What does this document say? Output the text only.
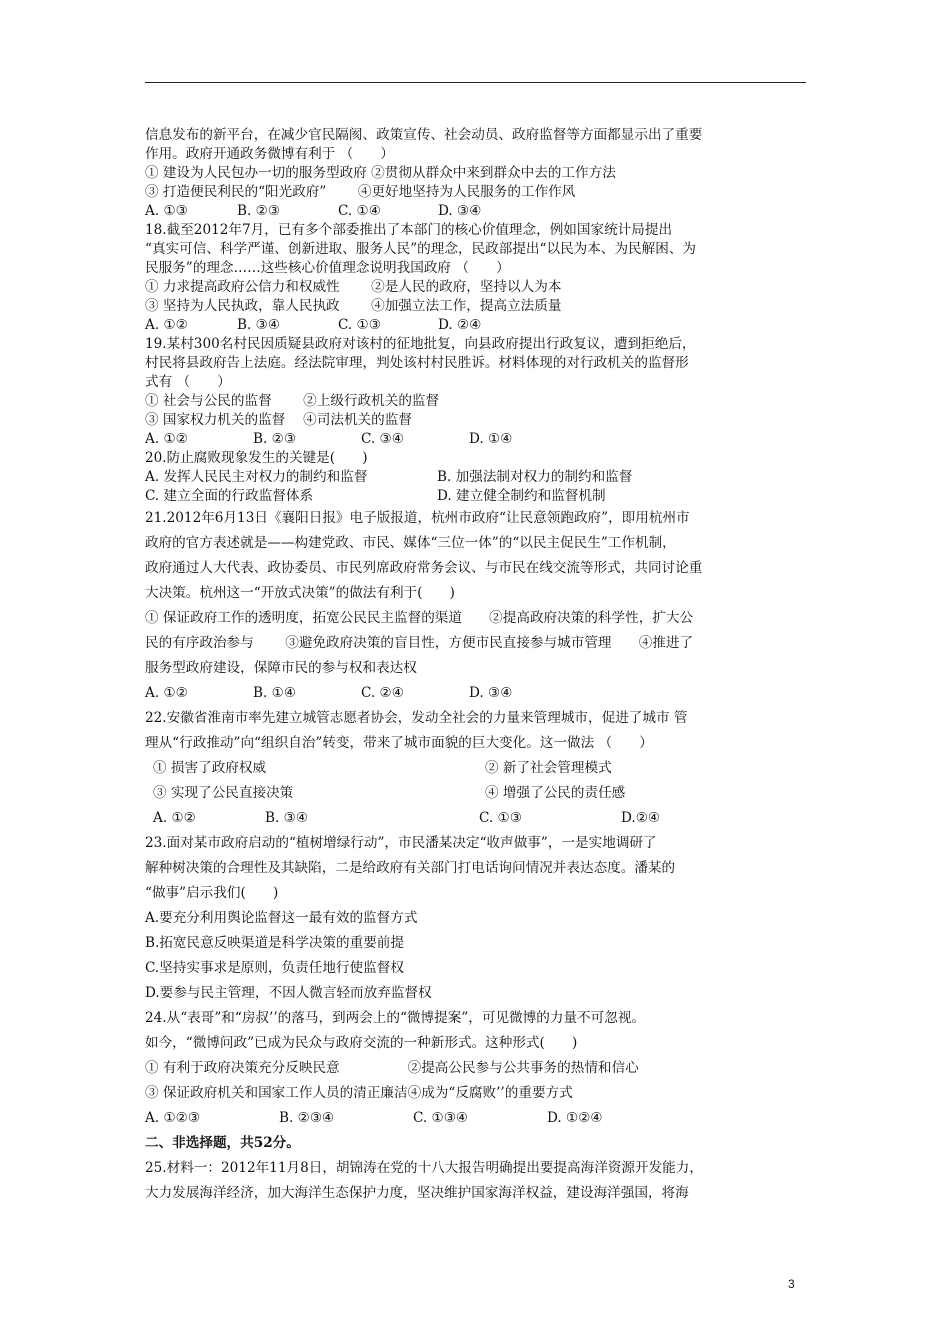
信息发布的新平台，在减少官民隔阂、政策宣传、社会动员、政府监督等方面都显示出了重要
作用。政府开通政务微博有利于 （　　）
① 建设为人民包办一切的服务型政府 ②贯彻从群众中来到群众中去的工作方法
③ 打造便民利民的“阳光政府”　　 ④更好地坚持为人民服务的工作作风
A. ①③	B. ②③	C. ①④	D. ③④
18.截至2012年7月，已有多个部委推出了本部门的核心价值理念，例如国家统计局提出
“真实可信、科学严谨、创新进取、服务人民”的理念，民政部提出“以民为本、为民解困、为
民服务”的理念……这些核心价值理念说明我国政府 （　　）
① 力求提高政府公信力和权威性　　 ②是人民的政府，坚持以人为本
③ 坚持为人民执政，靠人民执政　　 ④加强立法工作，提高立法质量
A. ①②	B. ③④	C. ①③	D. ②④
19.某村300名村民因质疑县政府对该村的征地批复，向县政府提出行政复议，遭到拒绝后，
村民将县政府告上法庭。经法院审理，判处该村村民胜诉。材料体现的对行政机关的监督形
式有 （　　）
① 社会与公民的监督　　 ②上级行政机关的监督
③ 国家权力机关的监督　 ④司法机关的监督
A. ①②	B. ②③	C. ③④	D. ①④
20.防止腐败现象发生的关键是(　　)
A. 发挥人民民主对权力的制约和监督	B. 加强法制对权力的制约和监督
C. 建立全面的行政监督体系	D. 建立健全制约和监督机制
21.2012年6月13日《襄阳日报》电子版报道，杭州市政府“让民意领跑政府”，即用杭州市
政府的官方表述就是——构建党政、市民、媒体“三位一体”的“以民主促民生”工作机制，
政府通过人大代表、政协委员、市民列席政府常务会议、与市民在线交流等形式，共同讨论重
大决策。杭州这一“开放式决策”的做法有利于(　　)
① 保证政府工作的透明度，拓宽公民民主监督的渠道　　②提高政府决策的科学性，扩大公
民的有序政治参与　　 ③避免政府决策的盲目性，方便市民直接参与城市管理　　④推进了
服务型政府建设，保障市民的参与权和表达权
A. ①②	B. ①④	C. ②④	D. ③④
22.安徽省淮南市率先建立城管志愿者协会，发动全社会的力量来管理城市，促进了城市 管
理从“行政推动”向“组织自治”转变，带来了城市面貌的巨大变化。这一做法 （　　）
① 损害了政府权威	② 新了社会管理模式
③ 实现了公民直接决策	④ 增强了公民的责任感
A. ①②	B. ③④	C. ①③	D.②④
23.面对某市政府启动的“植树增绿行动”，市民潘某决定“收声做事”，一是实地调研了
解种树决策的合理性及其缺陷，二是给政府有关部门打电话询问情况并表达态度。潘某的
“做事”启示我们(　　)
A.要充分利用舆论监督这一最有效的监督方式
B.拓宽民意反映渠道是科学决策的重要前提
C.坚持实事求是原则，负责任地行使监督权
D.要参与民主管理，不因人微言轻而放弃监督权
24.从“表哥”和“房叔’’的落马，到两会上的“微博提案”，可见微博的力量不可忽视。
如今，“微博问政”已成为民众与政府交流的一种新形式。这种形式(　　)
① 有利于政府决策充分反映民意　　　　　②提高公民参与公共事务的热情和信心
③ 保证政府机关和国家工作人员的清正廉洁④成为“反腐败’’的重要方式
A. ①②③	B. ②③④	C. ①③④	D. ①②④
二、非选择题，共52分。
25.材料一：2012年11月8日，胡锦涛在党的十八大报告明确提出要提高海洋资源开发能力，
大力发展海洋经济，加大海洋生态保护力度，坚决维护国家海洋权益，建设海洋强国，将海
3
